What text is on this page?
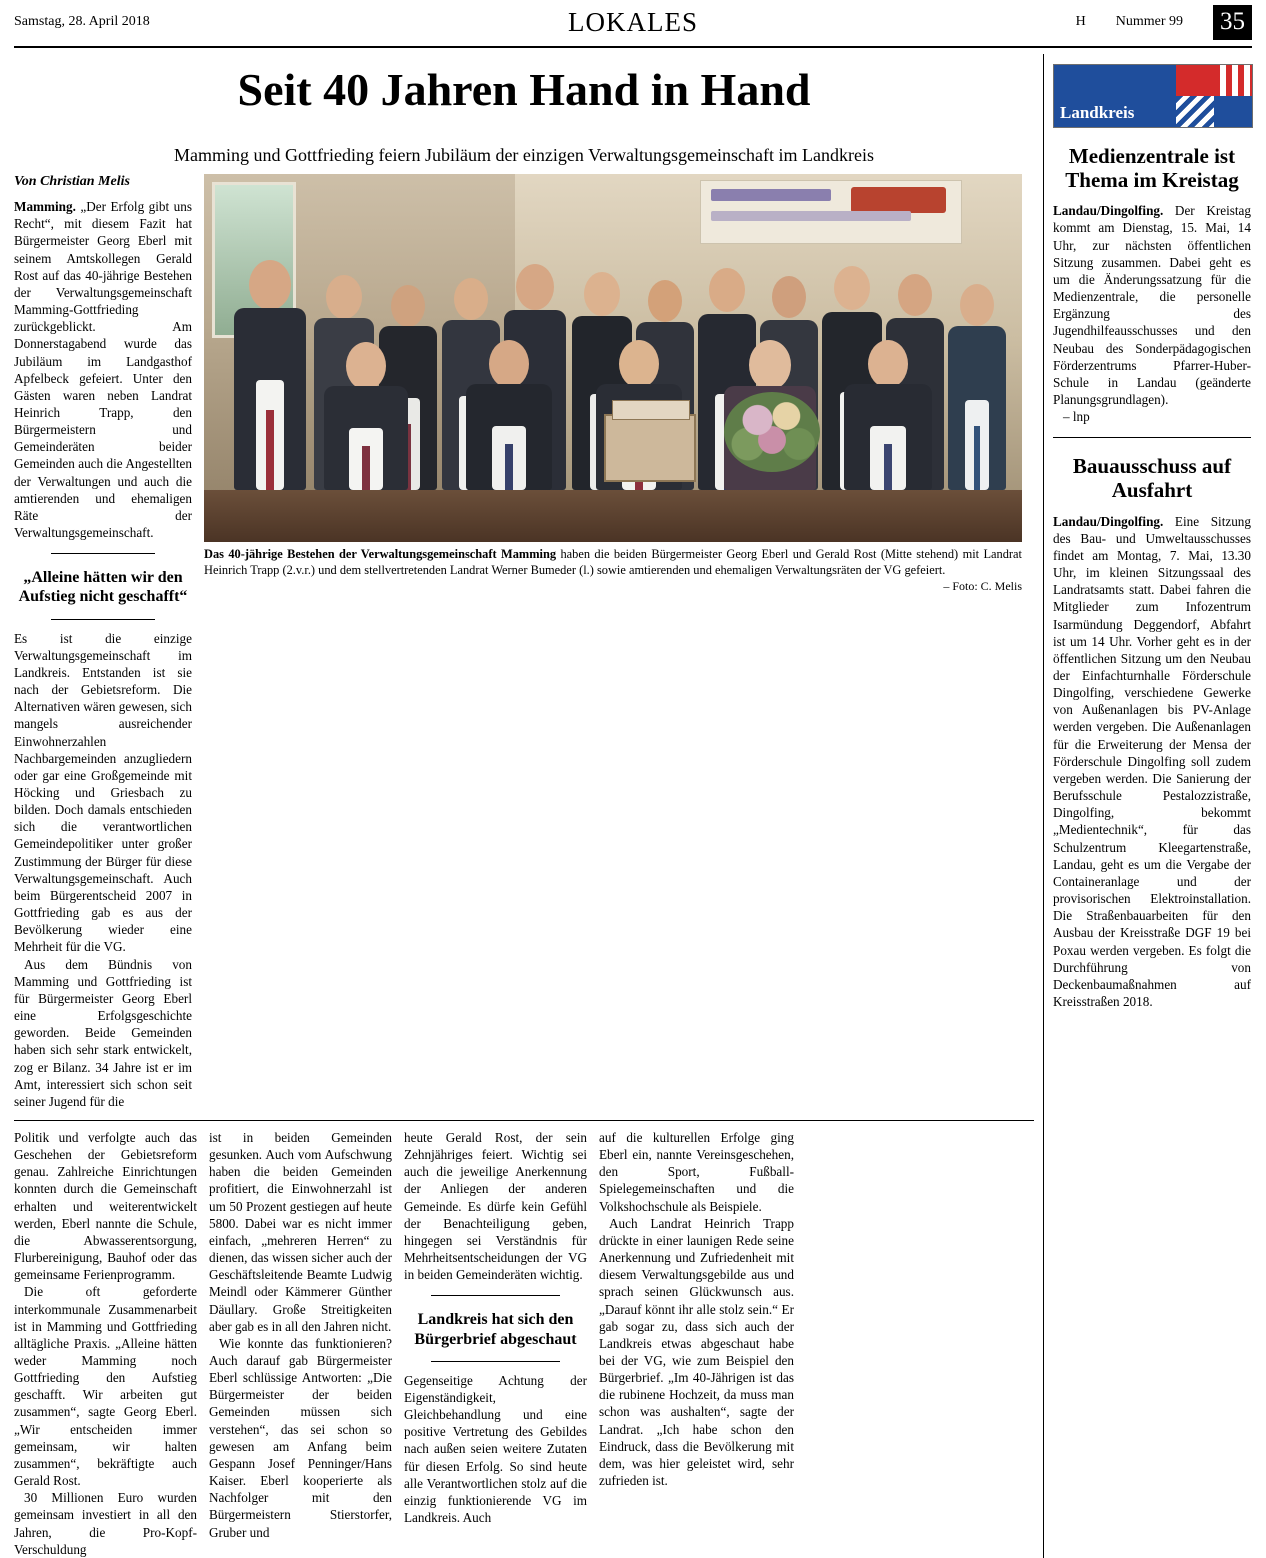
Samstag, 28. April 2018	LOKALES	H Nummer 99 35
Seit 40 Jahren Hand in Hand
Mamming und Gottfrieding feiern Jubiläum der einzigen Verwaltungsgemeinschaft im Landkreis
Von Christian Melis

Mamming. „Der Erfolg gibt uns Recht“, mit diesem Fazit hat Bürgermeister Georg Eberl mit seinem Amtskollegen Gerald Rost auf das 40-jährige Bestehen der Verwaltungsgemeinschaft Mamming-Gottfrieding zurückgeblickt. Am Donnerstagabend wurde das Jubiläum im Landgasthof Apfelbeck gefeiert. Unter den Gästen waren neben Landrat Heinrich Trapp, den Bürgermeistern und Gemeinderäten beider Gemeinden auch die Angestellten der Verwaltungen und auch die amtierenden und ehemaligen Räte der Verwaltungsgemeinschaft.

„Alleine hätten wir den Aufstieg nicht geschafft“

Es ist die einzige Verwaltungsgemeinschaft im Landkreis. Entstanden ist sie nach der Gebietsreform. Die Alternativen wären gewesen, sich mangels ausreichender Einwohnerzahlen Nachbargemeinden anzugliedern oder gar eine Großgemeinde mit Höcking und Griesbach zu bilden. Doch damals entschieden sich die verantwortlichen Gemeindepolitiker unter großer Zustimmung der Bürger für diese Verwaltungsgemeinschaft. Auch beim Bürgerentscheid 2007 in Gottfrieding gab es aus der Bevölkerung wieder eine Mehrheit für die VG.

Aus dem Bündnis von Mamming und Gottfrieding ist für Bürgermeister Georg Eberl eine Erfolgsgeschichte geworden. Beide Gemeinden haben sich sehr stark entwickelt, zog er Bilanz. 34 Jahre ist er im Amt, interessiert sich schon seit seiner Jugend für die

Das 40-jährige Bestehen der Verwaltungsgemeinschaft Mamming haben die beiden Bürgermeister Georg Eberl und Gerald Rost (Mitte stehend) mit Landrat Heinrich Trapp (2.v.r.) und dem stellvertretenden Landrat Werner Bumeder (l.) sowie amtierenden und ehemaligen Verwaltungsräten der VG gefeiert.
– Foto: C. Melis

Politik und verfolgte auch das Geschehen der Gebietsreform genau. Zahlreiche Einrichtungen konnten durch die Gemeinschaft erhalten und weiterentwickelt werden, Eberl nannte die Schule, die Abwasserentsorgung, Flurbereinigung, Bauhof oder das gemeinsame Ferienprogramm.

Die oft geforderte interkommunale Zusammenarbeit ist in Mamming und Gottfrieding alltägliche Praxis. „Alleine hätten weder Mamming noch Gottfrieding den Aufstieg geschafft. Wir arbeiten gut zusammen“, sagte Georg Eberl. „Wir entscheiden immer gemeinsam, wir halten zusammen“, bekräftigte auch Gerald Rost.

30 Millionen Euro wurden gemeinsam investiert in all den Jahren, die Pro-Kopf-Verschuldung

ist in beiden Gemeinden gesunken. Auch vom Aufschwung haben die beiden Gemeinden profitiert, die Einwohnerzahl ist um 50 Prozent gestiegen auf heute 5800. Dabei war es nicht immer einfach, „mehreren Herren“ zu dienen, das wissen sicher auch der Geschäftsleitende Beamte Ludwig Meindl oder Kämmerer Günther Däullary. Große Streitigkeiten aber gab es in all den Jahren nicht.

Wie konnte das funktionieren? Auch darauf gab Bürgermeister Eberl schlüssige Antworten: „Die Bürgermeister der beiden Gemeinden müssen sich verstehen“, das sei schon so gewesen am Anfang beim Gespann Josef Penninger/Hans Kaiser. Eberl kooperierte als Nachfolger mit den Bürgermeistern Stierstorfer, Gruber und

heute Gerald Rost, der sein Zehnjähriges feiert. Wichtig sei auch die jeweilige Anerkennung der Anliegen der anderen Gemeinde. Es dürfe kein Gefühl der Benachteiligung geben, hingegen sei Verständnis für Mehrheitsentscheidungen der VG in beiden Gemeinderäten wichtig.

Landkreis hat sich den Bürgerbrief abgeschaut

Gegenseitige Achtung der Eigenständigkeit, Gleichbehandlung und eine positive Vertretung des Gebildes nach außen seien weitere Zutaten für diesen Erfolg. So sind heute alle Verantwortlichen stolz auf die einzig funktionierende VG im Landkreis. Auch

auf die kulturellen Erfolge ging Eberl ein, nannte Vereinsgeschehen, den Sport, Fußball-Spielegemeinschaften und die Volkshochschule als Beispiele.

Auch Landrat Heinrich Trapp drückte in einer launigen Rede seine Anerkennung und Zufriedenheit mit diesem Verwaltungsgebilde aus und sprach seinen Glückwunsch aus. „Darauf könnt ihr alle stolz sein.“ Er gab sogar zu, dass sich auch der Landkreis etwas abgeschaut habe bei der VG, wie zum Beispiel den Bürgerbrief. „Im 40-Jährigen ist das die rubinene Hochzeit, da muss man schon was aushalten“, sagte der Landrat. „Ich habe schon den Eindruck, dass die Bevölkerung mit dem, was hier geleistet wird, sehr zufrieden ist.

Landkreis
Medienzentrale ist Thema im Kreistag

Landau/Dingolfing. Der Kreistag kommt am Dienstag, 15. Mai, 14 Uhr, zur nächsten öffentlichen Sitzung zusammen. Dabei geht es um die Änderungssatzung für die Medienzentrale, die personelle Ergänzung des Jugendhilfeausschusses und den Neubau des Sonderpädagogischen Förderzentrums Pfarrer-Huber-Schule in Landau (geänderte Planungsgrundlagen).

– lnp

Bauausschuss auf Ausfahrt

Landau/Dingolfing. Eine Sitzung des Bau- und Umweltausschusses findet am Montag, 7. Mai, 13.30 Uhr, im kleinen Sitzungssaal des Landratsamts statt. Dabei fahren die Mitglieder zum Infozentrum Isarmündung Deggendorf, Abfahrt ist um 14 Uhr. Vorher geht es in der öffentlichen Sitzung um den Neubau der Einfachturnhalle Förderschule Dingolfing, verschiedene Gewerke von Außenanlagen bis PV-Anlage werden vergeben. Die Außenanlagen für die Erweiterung der Mensa der Förderschule Dingolfing soll zudem vergeben werden. Die Sanierung der Berufsschule Pestalozzistraße, Dingolfing, bekommt „Medientechnik“, für das Schulzentrum Kleegartenstraße, Landau, geht es um die Vergabe der Containeranlage und der provisorischen Elektroinstallation. Die Straßenbauarbeiten für den Ausbau der Kreisstraße DGF 19 bei Poxau werden vergeben. Es folgt die Durchführung von Deckenbaumaßnahmen auf Kreisstraßen 2018.
